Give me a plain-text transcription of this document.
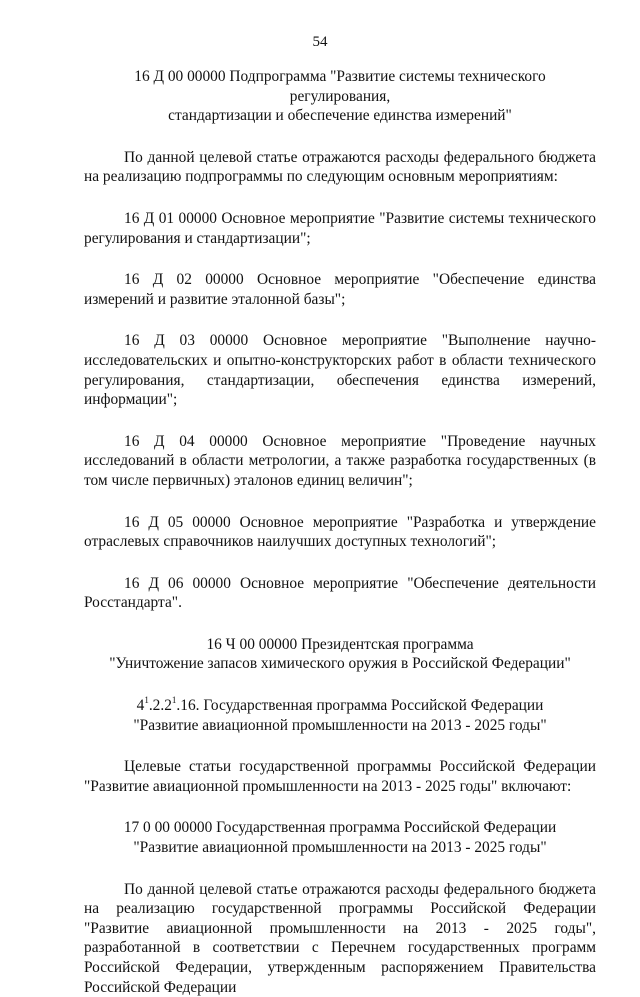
54

16 Д 00 00000 Подпрограмма "Развитие системы технического регулирования,
стандартизации и обеспечение единства измерений"

По данной целевой статье отражаются расходы федерального бюджета на реализацию подпрограммы по следующим основным мероприятиям:

16 Д 01 00000 Основное мероприятие "Развитие системы технического регулирования и стандартизации";

16 Д 02 00000 Основное мероприятие "Обеспечение единства измерений и развитие эталонной базы";

16 Д 03 00000 Основное мероприятие "Выполнение научно-исследовательских и опытно-конструкторских работ в области технического регулирования, стандартизации, обеспечения единства измерений, информации";

16 Д 04 00000 Основное мероприятие "Проведение научных исследований в области метрологии, а также разработка государственных (в том числе первичных) эталонов единиц величин";

16 Д 05 00000 Основное мероприятие "Разработка и утверждение отраслевых справочников наилучших доступных технологий";

16 Д 06 00000 Основное мероприятие "Обеспечение деятельности Росстандарта".

16 Ч 00 00000 Президентская программа
"Уничтожение запасов химического оружия в Российской Федерации"

$4^1.2.2^1.16$. Государственная программа Российской Федерации
"Развитие авиационной промышленности на 2013 - 2025 годы"

Целевые статьи государственной программы Российской Федерации "Развитие авиационной промышленности на 2013 - 2025 годы" включают:

17 0 00 00000 Государственная программа Российской Федерации
"Развитие авиационной промышленности на 2013 - 2025 годы"

По данной целевой статье отражаются расходы федерального бюджета на реализацию государственной программы Российской Федерации "Развитие авиационной промышленности на 2013 - 2025 годы", разработанной в соответствии с Перечнем государственных программ Российской Федерации, утвержденным распоряжением Правительства Российской Федерации
